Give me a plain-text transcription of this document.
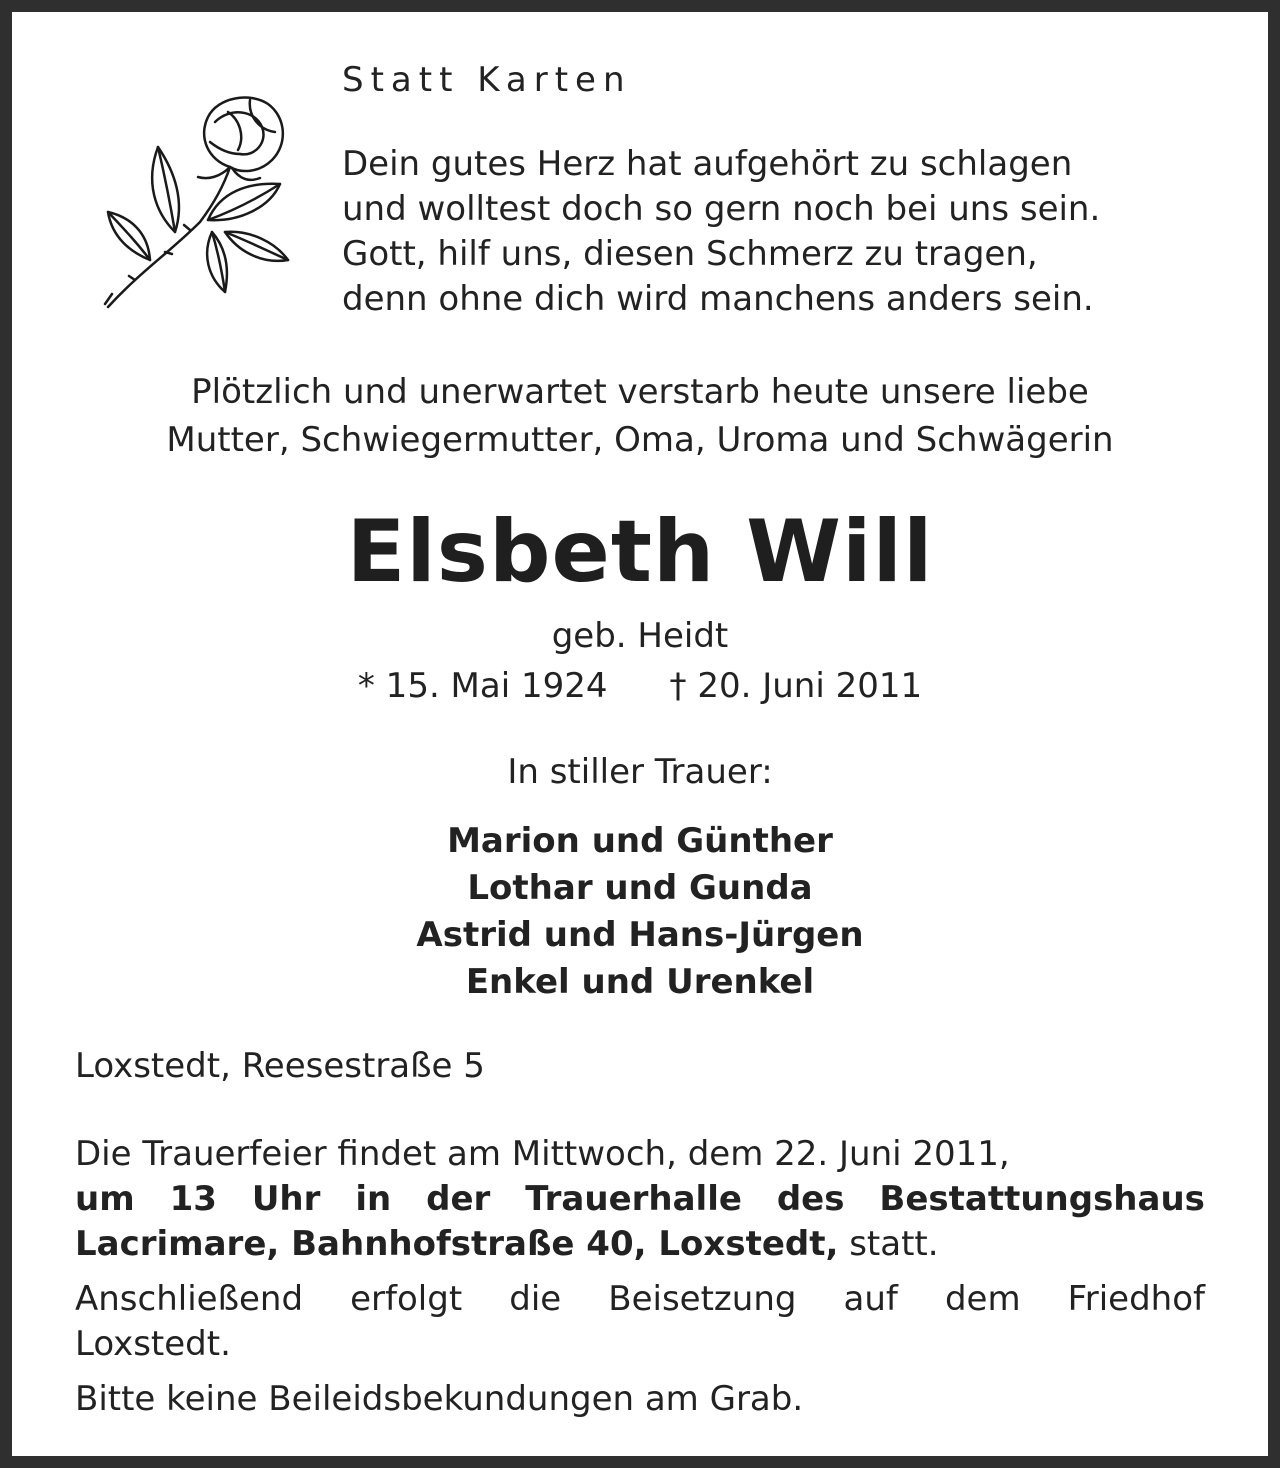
Statt Karten
Dein gutes Herz hat aufgehört zu schlagen
und wolltest doch so gern noch bei uns sein.
Gott, hilf uns, diesen Schmerz zu tragen,
denn ohne dich wird manchens anders sein.
Plötzlich und unerwartet verstarb heute unsere liebe
Mutter, Schwiegermutter, Oma, Uroma und Schwägerin
Elsbeth Will
geb. Heidt
* 15. Mai 1924 † 20. Juni 2011
In stiller Trauer:
Marion und Günther
Lothar und Gunda
Astrid und Hans-Jürgen
Enkel und Urenkel
Loxstedt, Reesestraße 5

Die Trauerfeier findet am Mittwoch, dem 22. Juni 2011,
um 13 Uhr in der Trauerhalle des Bestattungshaus
Lacrimare, Bahnhofstraße 40, Loxstedt, statt.

Anschließend erfolgt die Beisetzung auf dem Friedhof
Loxstedt.

Bitte keine Beileidsbekundungen am Grab.
